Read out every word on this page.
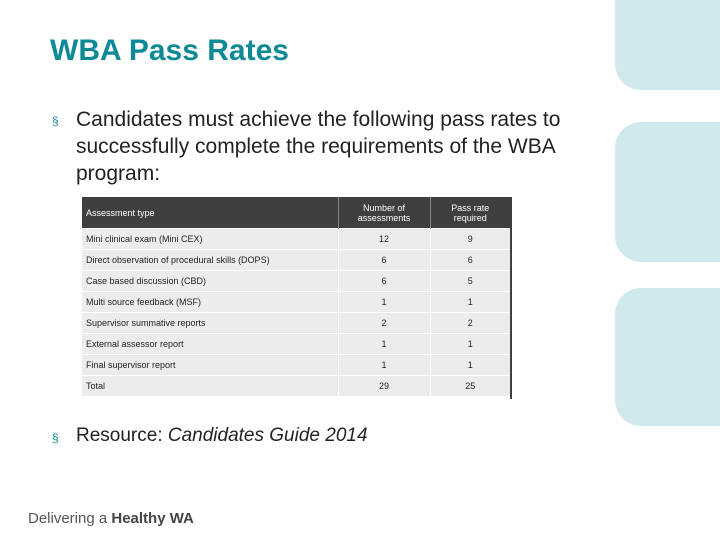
WBA Pass Rates
§ Candidates must achieve the following pass rates to successfully complete the requirements of the WBA program:
Assessment type	Number of assessments	Pass rate required
Mini clinical exam (Mini CEX)	12	9
Direct observation of procedural skills (DOPS)	6	6
Case based discussion (CBD)	6	5
Multi source feedback (MSF)	1	1
Supervisor summative reports	2	2
External assessor report	1	1
Final supervisor report	1	1
Total	29	25
§ Resource: Candidates Guide 2014
Delivering a Healthy WA
